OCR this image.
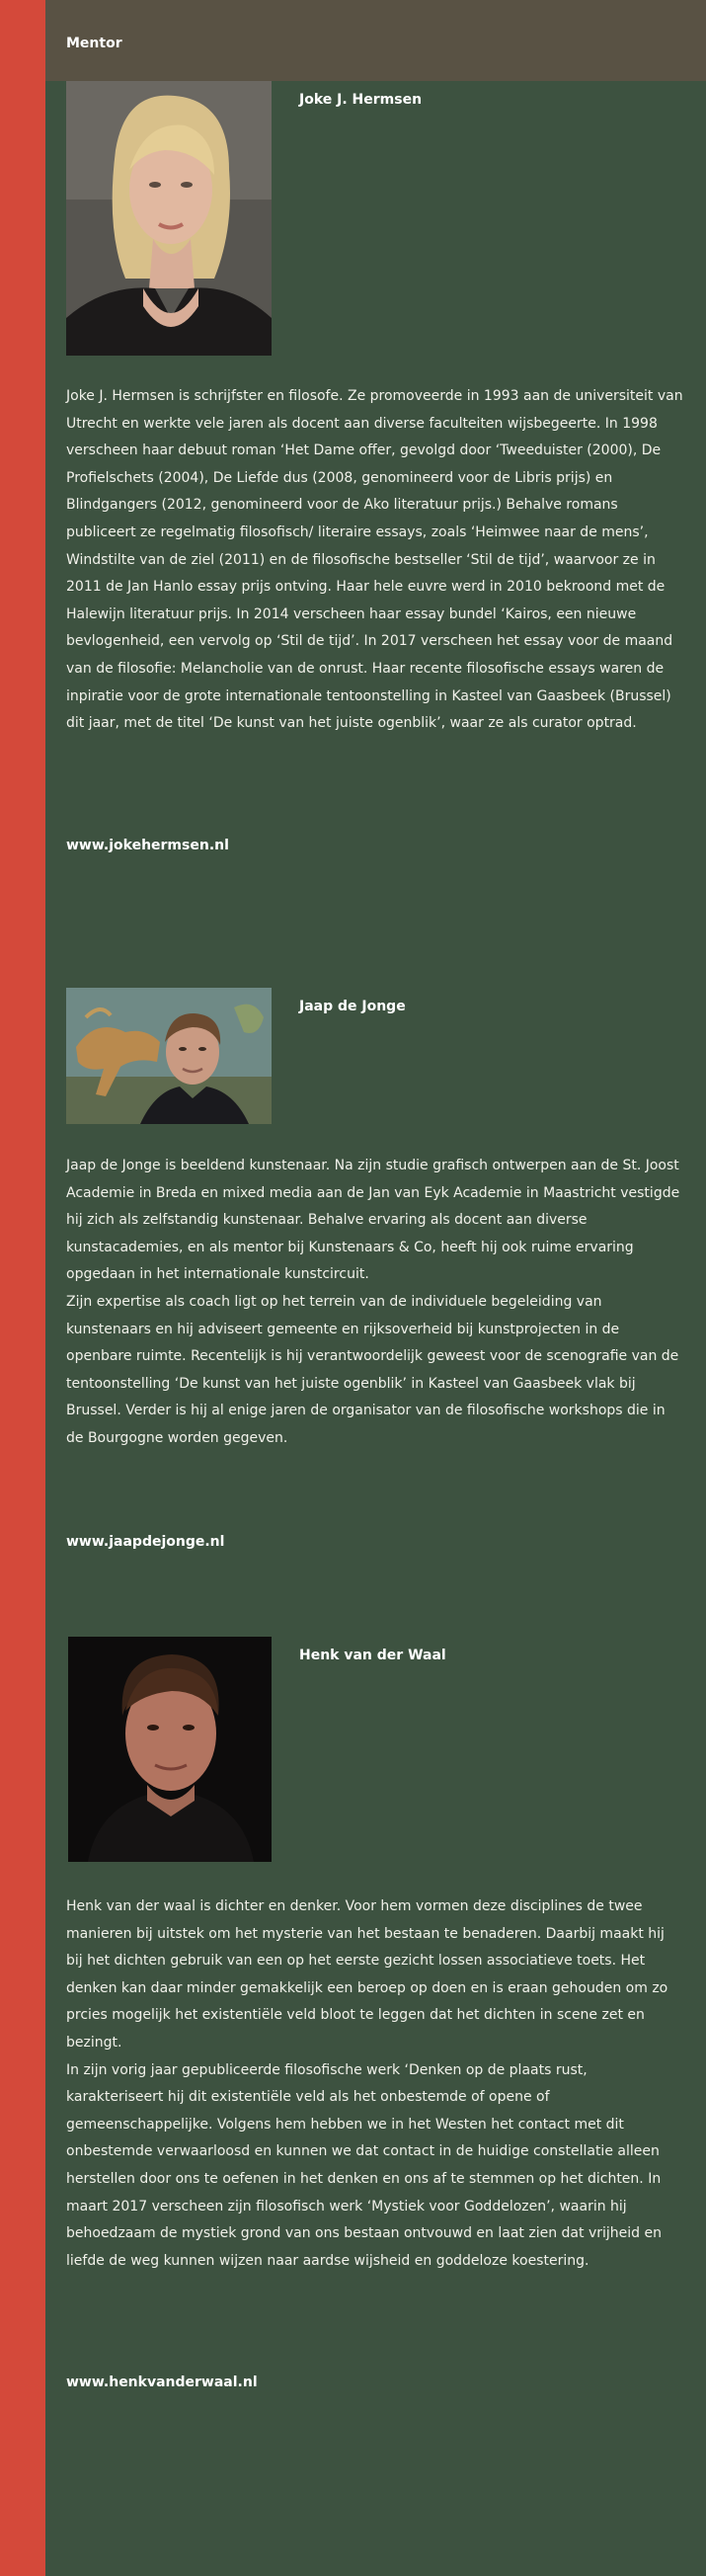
Mentor
Joke J. Hermsen

Joke J. Hermsen is schrijfster en filosofe. Ze promoveerde in 1993 aan de universiteit van Utrecht en werkte vele jaren als docent aan diverse faculteiten wijsbegeerte. In 1998 verscheen haar debuut roman ‘Het Dame offer, gevolgd door ‘Tweeduister (2000), De Profielschets (2004), De Liefde dus (2008, genomineerd voor de Libris prijs) en Blindgangers (2012, genomineerd voor de Ako literatuur prijs.) Behalve romans publiceert ze regelmatig filosofisch/ literaire essays, zoals ‘Heimwee naar de mens’, Windstilte van de ziel (2011) en de filosofische bestseller ‘Stil de tijd’, waarvoor ze in 2011 de Jan Hanlo essay prijs ontving. Haar hele euvre werd in 2010 bekroond met de Halewijn literatuur prijs. In 2014 verscheen haar essay bundel ‘Kairos, een nieuwe bevlogenheid, een vervolg op ‘Stil de tijd’. In 2017 verscheen het essay voor de maand van de filosofie: Melancholie van de onrust. Haar recente filosofische essays waren de inpiratie voor de grote internationale tentoonstelling in Kasteel van Gaasbeek (Brussel) dit jaar, met de titel ‘De kunst van het juiste ogenblik’, waar ze als curator optrad.

www.jokehermsen.nl
Jaap de Jonge

Jaap de Jonge is beeldend kunstenaar. Na zijn studie grafisch ontwerpen aan de St. Joost Academie in Breda en mixed media aan de Jan van Eyk Academie in Maastricht vestigde hij zich als zelfstandig kunstenaar. Behalve ervaring als docent aan diverse kunstacademies, en als mentor bij Kunstenaars & Co, heeft hij ook ruime ervaring opgedaan in het internationale kunstcircuit.
Zijn expertise als coach ligt op het terrein van de individuele begeleiding van kunstenaars en hij adviseert gemeente en rijksoverheid bij kunstprojecten in de openbare ruimte. Recentelijk is hij verantwoordelijk geweest voor de scenografie van de tentoonstelling ‘De kunst van het juiste ogenblik’ in Kasteel van Gaasbeek vlak bij Brussel. Verder is hij al enige jaren de organisator van de filosofische workshops die in de Bourgogne worden gegeven.

www.jaapdejonge.nl
Henk van der Waal

Henk van der waal is dichter en denker. Voor hem vormen deze disciplines de twee manieren bij uitstek om het mysterie van het bestaan te benaderen. Daarbij maakt hij bij het dichten gebruik van een op het eerste gezicht lossen associatieve toets. Het denken kan daar minder gemakkelijk een beroep op doen en is eraan gehouden om zo prcies mogelijk het existentiële veld bloot te leggen dat het dichten in scene zet en bezingt.
In zijn vorig jaar gepubliceerde filosofische werk ‘Denken op de plaats rust, karakteriseert hij dit existentiële veld als het onbestemde of opene of gemeenschappelijke. Volgens hem hebben we in het Westen het contact met dit onbestemde verwaarloosd en kunnen we dat contact in de huidige constellatie alleen herstellen door ons te oefenen in het denken en ons af te stemmen op het dichten. In maart 2017 verscheen zijn filosofisch werk ‘Mystiek voor Goddelozen’, waarin hij behoedzaam de mystiek grond van ons bestaan ontvouwd en laat zien dat vrijheid en liefde de weg kunnen wijzen naar aardse wijsheid en goddeloze koestering.

www.henkvanderwaal.nl
